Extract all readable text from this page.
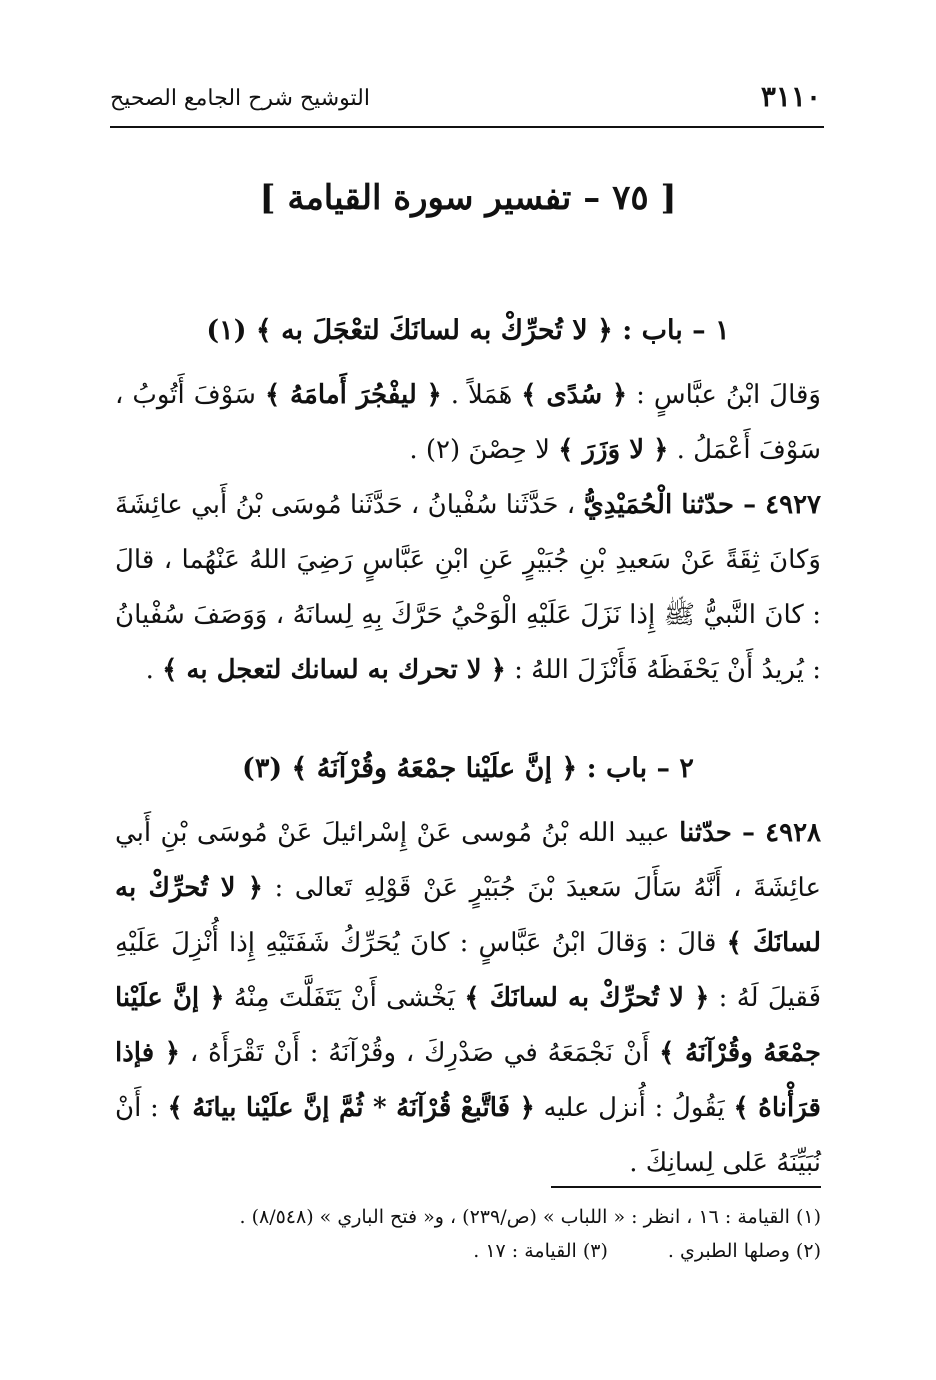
التوشيح شرح الجامع الصحيح	٣١١٠
[ ٧٥ – تفسير سورة القيامة ]
١ – باب : ﴿ لا تُحرِّكْ به لسانَكَ لتعْجَلَ به ﴾ (١)
وَقالَ ابْنُ عبَّاسٍ : ﴿ سُدًى ﴾ هَمَلاً . ﴿ ليفْجُرَ أَمامَهُ ﴾ سَوْفَ أَتُوبُ ، سَوْفَ أَعْمَلُ . ﴿ لا وَزَرَ ﴾ لا حِصْنَ (٢) .
٤٩٢٧ – حدّثنا الْحُمَيْدِيُّ ، حَدَّثَنا سُفْيانُ ، حَدَّثَنا مُوسَى بْنُ أَبي عائِشَةَ وَكانَ ثِقَةً عَنْ سَعيدِ بْنِ جُبَيْرٍ عَنِ ابْنِ عَبَّاسٍ رَضِيَ اللهُ عَنْهُما ، قالَ : كانَ النَّبيُّ ﷺ إِذا نَزَلَ عَلَيْهِ الْوَحْيُ حَرَّكَ بِهِ لِسانَهُ ، وَوَصَفَ سُفْيانُ : يُريدُ أَنْ يَحْفَظَهُ فَأَنْزَلَ اللهُ : ﴿ لا تحرك به لسانك لتعجل به ﴾ .
٢ – باب : ﴿ إنَّ علَيْنا جمْعَهُ وقُرْآنَهُ ﴾ (٣)
٤٩٢٨ – حدّثنا عبيد الله بْنُ مُوسى عَنْ إِسْرائيلَ عَنْ مُوسَى بْنِ أَبي عائِشَةَ ، أَنَّهُ سَأَلَ سَعيدَ بْنَ جُبَيْرٍ عَنْ قَوْلِهِ تَعالى : ﴿ لا تُحرِّكْ به لسانَكَ ﴾ قالَ : وَقالَ ابْنُ عَبَّاسٍ : كانَ يُحَرِّكُ شَفَتَيْهِ إِذا أُنْزِلَ عَلَيْهِ فَقيلَ لَهُ : ﴿ لا تُحرِّكْ به لسانَكَ ﴾ يَخْشى أَنْ يَتَفَلَّتَ مِنْهُ ﴿ إنَّ علَيْنا جمْعَهُ وقُرْآنَهُ ﴾ أَنْ نَجْمَعَهُ في صَدْرِكَ ، وقُرْآنَهُ : أَنْ تَقْرَأَهُ ، ﴿ فإذا قرَأْناهُ ﴾ يَقُولُ : أُنزل عليه ﴿ فَاتَّبعْ قُرْآنَهُ * ثُمَّ إنَّ علَيْنا بيانَهُ ﴾ : أَنْ نُبَيِّنَهُ عَلى لِسانِكَ .
(١) القيامة : ١٦ ، انظر : « اللباب » (ص/٢٣٩) ، و« فتح الباري » (٨/٥٤٨) .
(٢) وصلها الطبري .(٣) القيامة : ١٧ .
